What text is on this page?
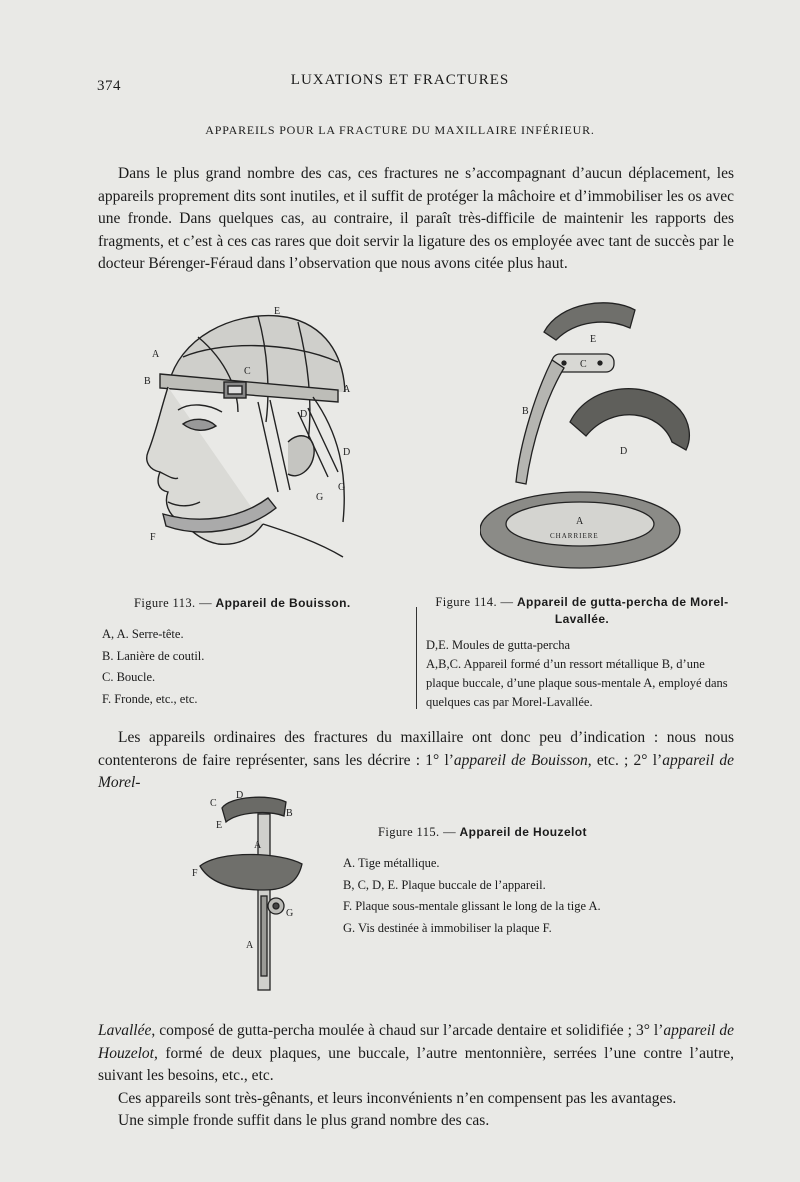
374	LUXATIONS ET FRACTURES
APPAREILS POUR LA FRACTURE DU MAXILLAIRE INFÉRIEUR.

Dans le plus grand nombre des cas, ces fractures ne s’accompagnant d’aucun déplacement, les appareils proprement dits sont inutiles, et il suffit de protéger la mâchoire et d’immobiliser les os avec une fronde. Dans quelques cas, au contraire, il paraît très-difficile de maintenir les rapports des fragments, et c’est à ces cas rares que doit servir la ligature des os employée avec tant de succès par le docteur Bérenger-Féraud dans l’observation que nous avons citée plus haut.

E
A
B
C
A
D
D
G
G
F
E
C
B
D
A
CHARRIERE
Figure 113. — Appareil de Bouisson.
A, A. Serre-tête.
B. Lanière de coutil.
C. Boucle.
F. Fronde, etc., etc.
Figure 114. — Appareil de gutta-percha de Morel-Lavallée.
D,E. Moules de gutta-percha
A,B,C. Appareil formé d’un ressort métallique B, d’une plaque buccale, d’une plaque sous-mentale A, employé dans quelques cas par Morel-Lavallée.

Les appareils ordinaires des fractures du maxillaire ont donc peu d’indication : nous nous contenterons de faire représenter, sans les décrire : 1° l’appareil de Bouisson, etc. ; 2° l’appareil de Morel-

C
D
B
E
A
F
G
A
Figure 115. — Appareil de Houzelot
A. Tige métallique.
B, C, D, E. Plaque buccale de l’appareil.
F. Plaque sous-mentale glissant le long de la tige A.
G. Vis destinée à immobiliser la plaque F.

Lavallée, composé de gutta-percha moulée à chaud sur l’arcade dentaire et solidifiée ; 3° l’appareil de Houzelot, formé de deux plaques, une buccale, l’autre mentonnière, serrées l’une contre l’autre, suivant les besoins, etc., etc.

Ces appareils sont très-gênants, et leurs inconvénients n’en compensent pas les avantages.

Une simple fronde suffit dans le plus grand nombre des cas.
